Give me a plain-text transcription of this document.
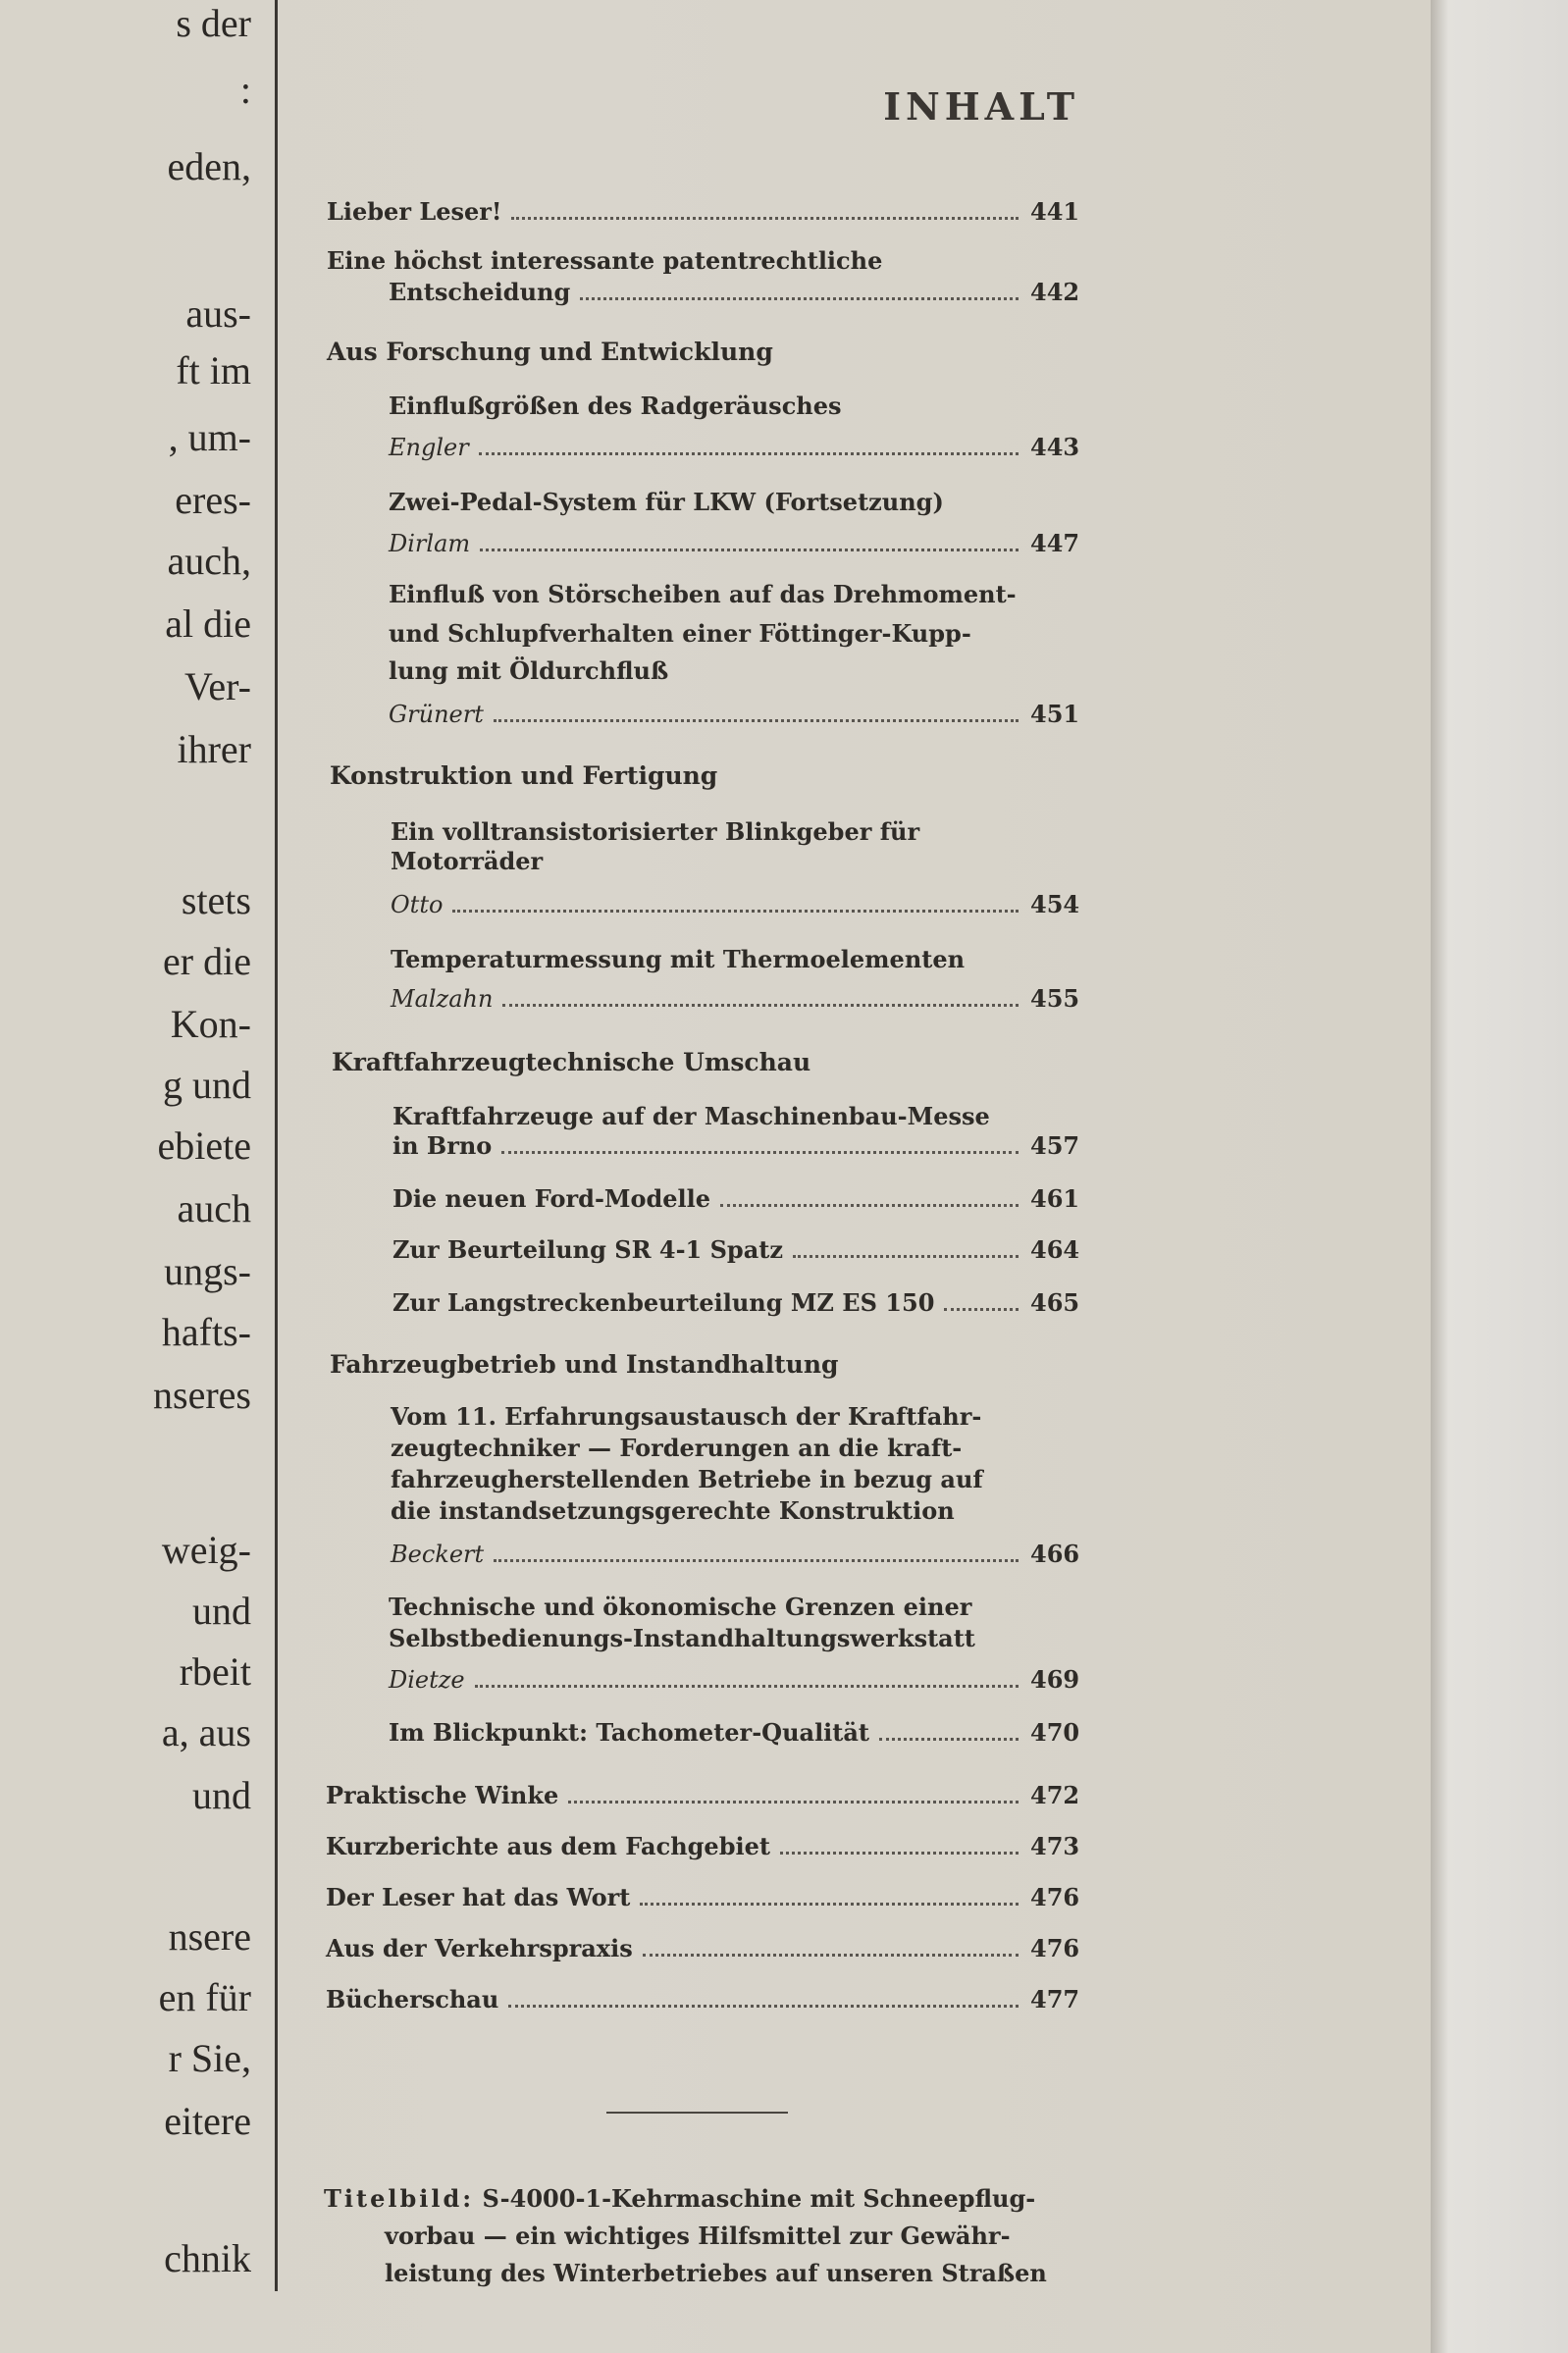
s der
:
eden,
aus-
ft im
, um-
eres-
auch,
al die
Ver-
ihrer
stets
er die
Kon-
g und
ebiete
auch
ungs-
hafts-
nseres
weig-
und
rbeit
a, aus
und
nsere
en für
r Sie,
eitere
chnik
INHALT
Lieber Leser!	441
Eine höchst interessante patentrechtliche
Entscheidung	442
Aus Forschung und Entwicklung
Einflußgrößen des Radgeräusches
Engler	443
Zwei-Pedal-System für LKW (Fortsetzung)
Dirlam	447
Einfluß von Störscheiben auf das Drehmoment-
und Schlupfverhalten einer Föttinger-Kupp-
lung mit Öldurchfluß
Grünert	451
Konstruktion und Fertigung
Ein volltransistorisierter Blinkgeber für
Motorräder
Otto	454
Temperaturmessung mit Thermoelementen
Malzahn	455
Kraftfahrzeugtechnische Umschau
Kraftfahrzeuge auf der Maschinenbau-Messe
in Brno	457
Die neuen Ford-Modelle	461
Zur Beurteilung SR 4-1 Spatz	464
Zur Langstreckenbeurteilung MZ ES 150	465
Fahrzeugbetrieb und Instandhaltung
Vom 11. Erfahrungsaustausch der Kraftfahr-
zeugtechniker — Forderungen an die kraft-
fahrzeugherstellenden Betriebe in bezug auf
die instandsetzungsgerechte Konstruktion
Beckert	466
Technische und ökonomische Grenzen einer
Selbstbedienungs-Instandhaltungswerkstatt
Dietze	469
Im Blickpunkt: Tachometer-Qualität	470
Praktische Winke	472
Kurzberichte aus dem Fachgebiet	473
Der Leser hat das Wort	476
Aus der Verkehrspraxis	476
Bücherschau	477
Titelbild: S-4000-1-Kehrmaschine mit Schneepflug-
vorbau — ein wichtiges Hilfsmittel zur Gewähr-
leistung des Winterbetriebes auf unseren Straßen
